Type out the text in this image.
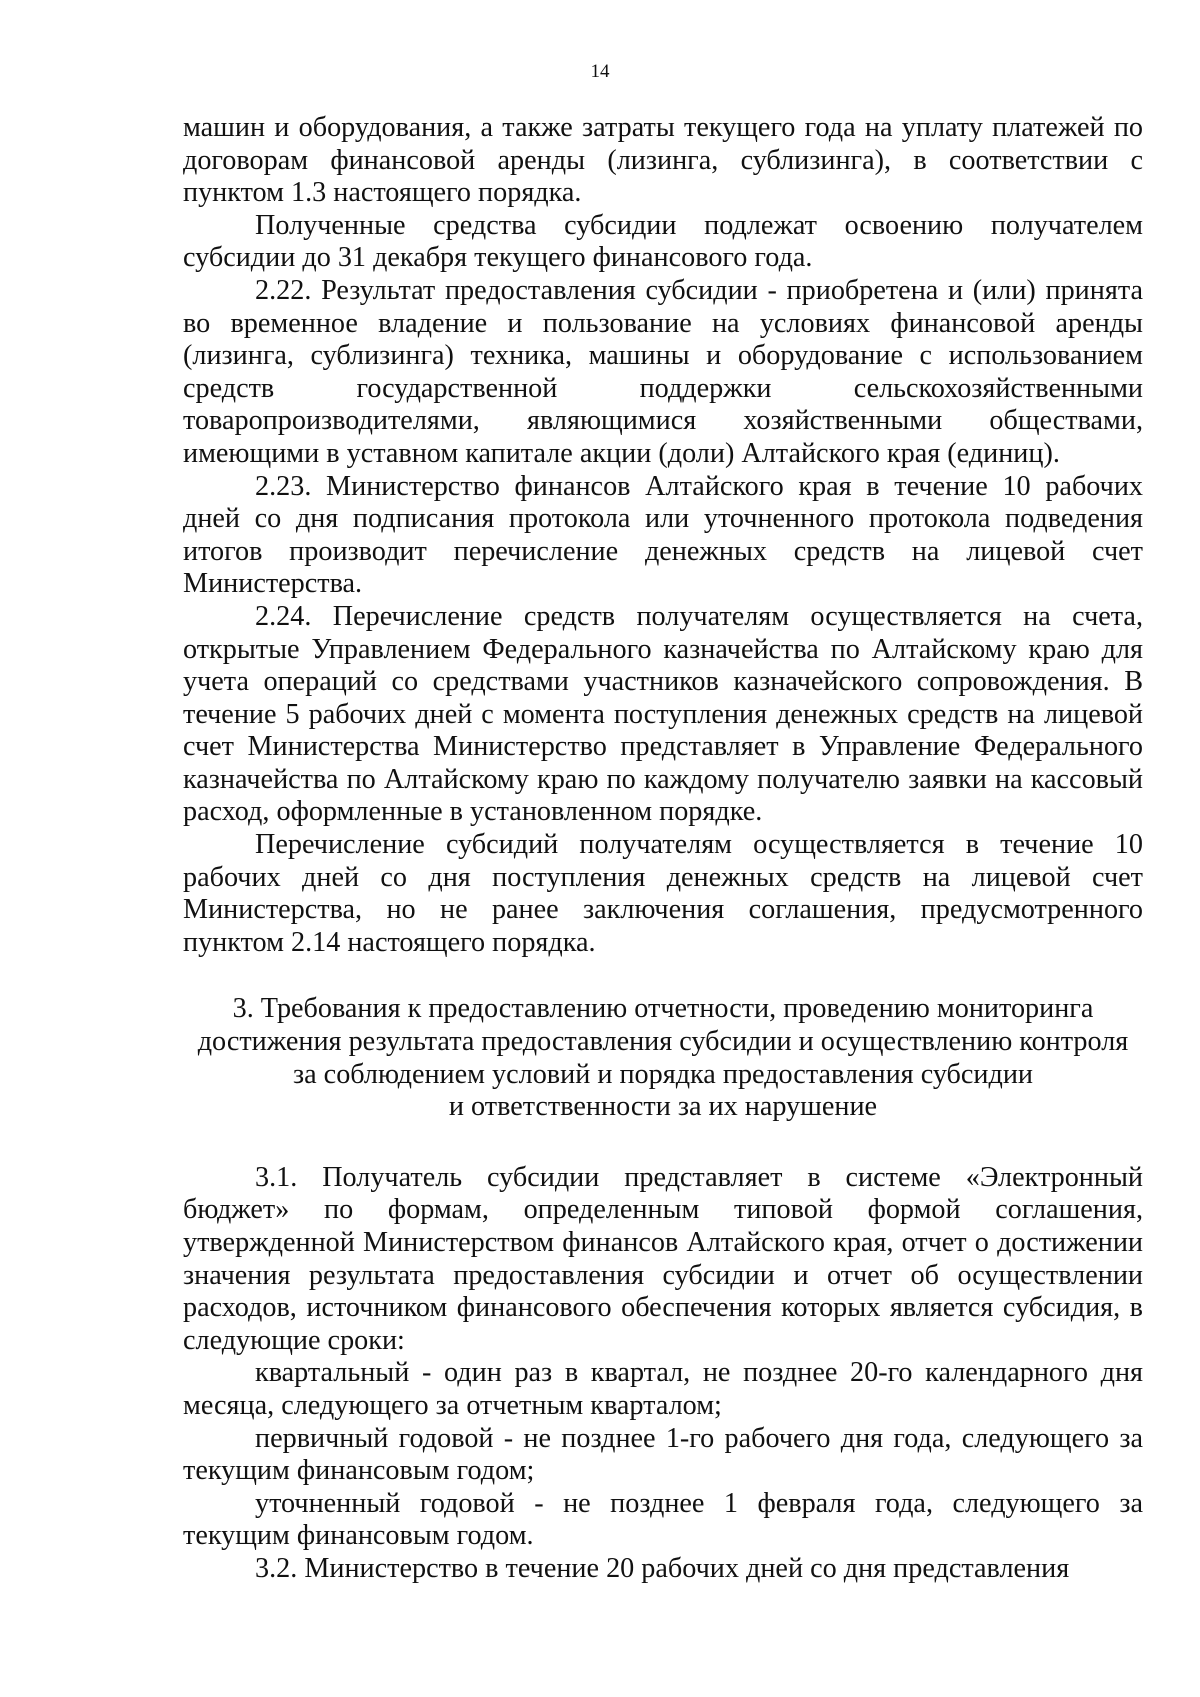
14

машин и оборудования, а также затраты текущего года на уплату платежей по договорам финансовой аренды (лизинга, сублизинга), в соответствии с пунктом 1.3 настоящего порядка.

Полученные средства субсидии подлежат освоению получателем субсидии до 31 декабря текущего финансового года.

2.22. Результат предоставления субсидии - приобретена и (или) принята во временное владение и пользование на условиях финансовой аренды (лизинга, сублизинга) техника, машины и оборудование с использованием средств государственной поддержки сельскохозяйственными товаропроизводителями, являющимися хозяйственными обществами, имеющими в уставном капитале акции (доли) Алтайского края (единиц).

2.23. Министерство финансов Алтайского края в течение 10 рабочих дней со дня подписания протокола или уточненного протокола подведения итогов производит перечисление денежных средств на лицевой счет Министерства.

2.24. Перечисление средств получателям осуществляется на счета, открытые Управлением Федерального казначейства по Алтайскому краю для учета операций со средствами участников казначейского сопровождения. В течение 5 рабочих дней с момента поступления денежных средств на лицевой счет Министерства Министерство представляет в Управление Федерального казначейства по Алтайскому краю по каждому получателю заявки на кассовый расход, оформленные в установленном порядке.

Перечисление субсидий получателям осуществляется в течение 10 рабочих дней со дня поступления денежных средств на лицевой счет Министерства, но не ранее заключения соглашения, предусмотренного пунктом 2.14 настоящего порядка.

3. Требования к предоставлению отчетности, проведению мониторинга
достижения результата предоставления субсидии и осуществлению контроля
за соблюдением условий и порядка предоставления субсидии
и ответственности за их нарушение

3.1. Получатель субсидии представляет в системе «Электронный бюджет» по формам, определенным типовой формой соглашения, утвержденной Министерством финансов Алтайского края, отчет о достижении значения результата предоставления субсидии и отчет об осуществлении расходов, источником финансового обеспечения которых является субсидия, в следующие сроки:

квартальный - один раз в квартал, не позднее 20-го календарного дня месяца, следующего за отчетным кварталом;

первичный годовой - не позднее 1-го рабочего дня года, следующего за текущим финансовым годом;

уточненный годовой - не позднее 1 февраля года, следующего за текущим финансовым годом.

3.2. Министерство в течение 20 рабочих дней со дня представления
